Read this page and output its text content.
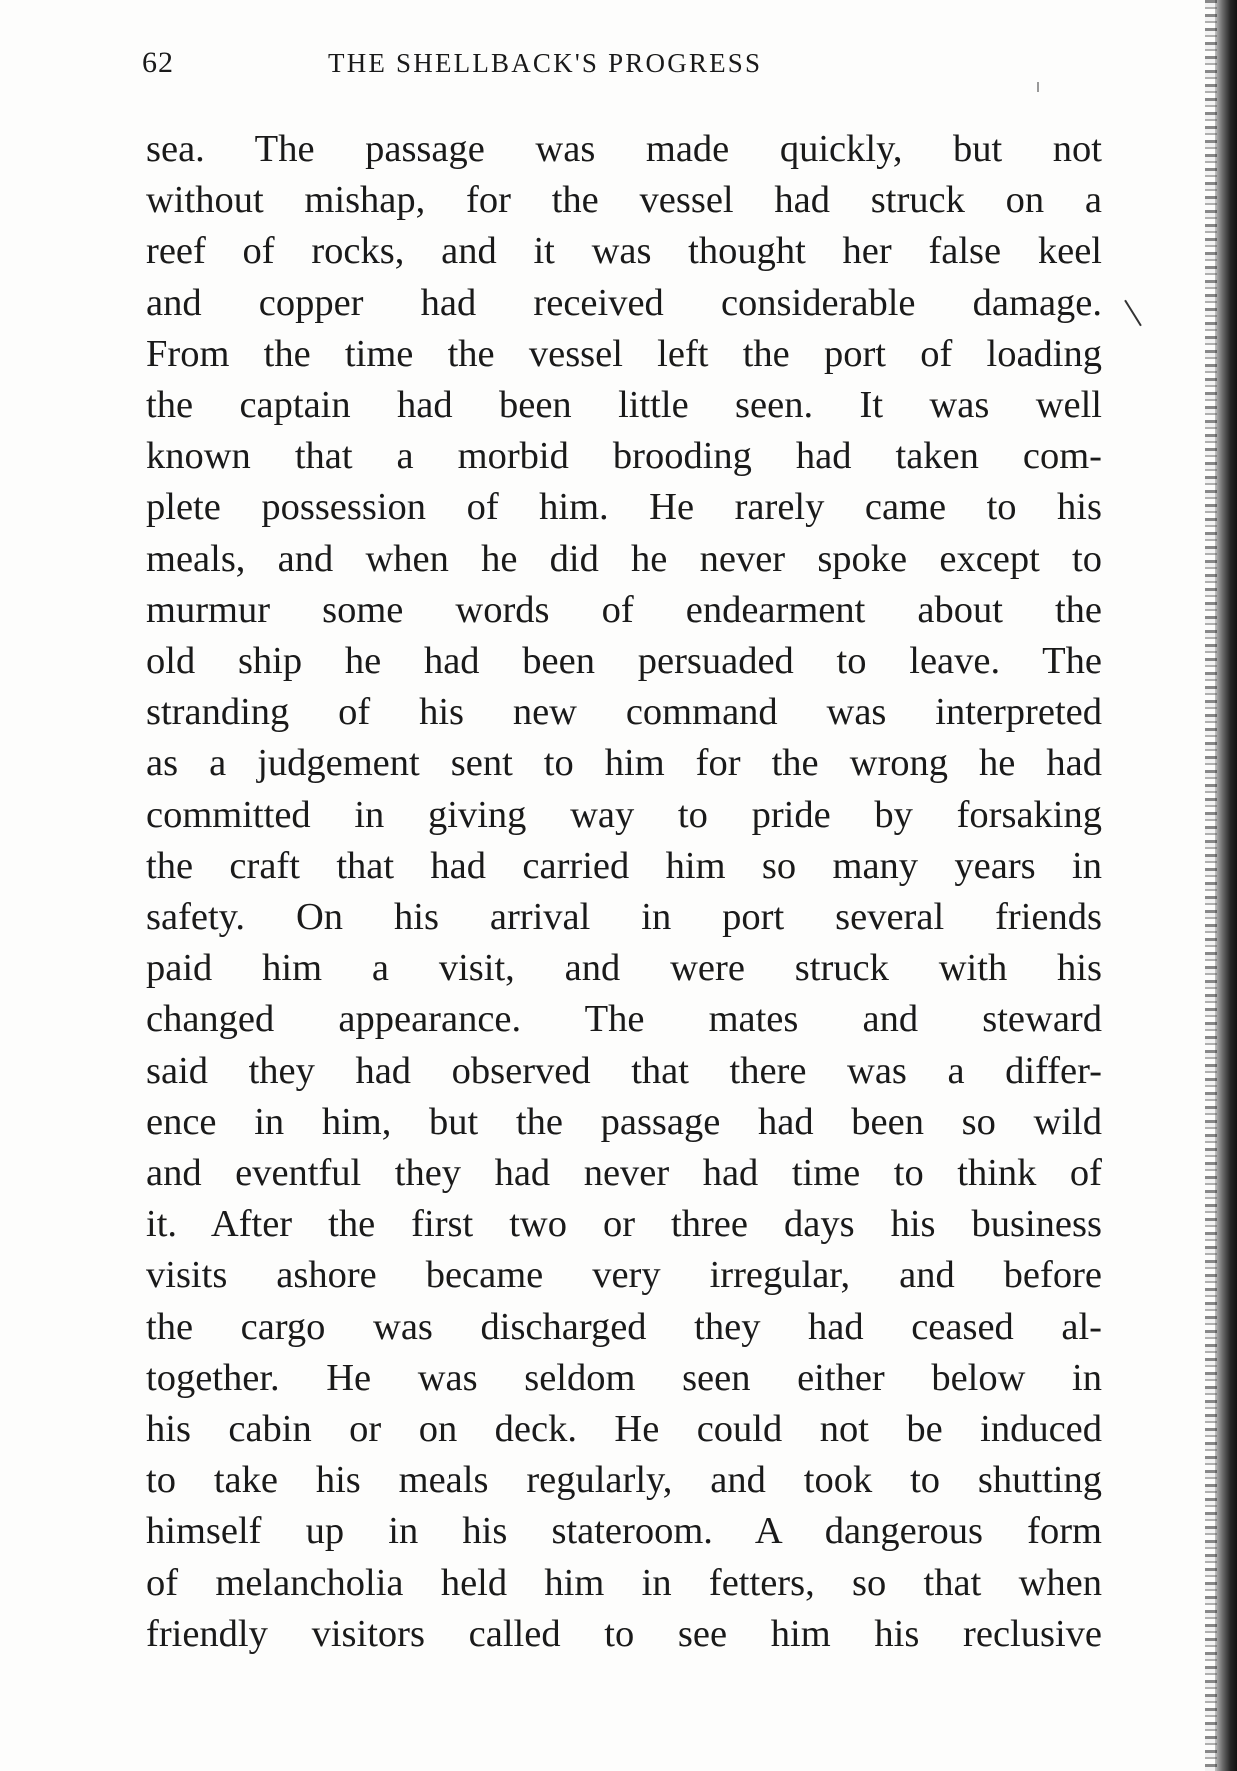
62	THE SHELLBACK'S PROGRESS
sea. The passage was made quickly, but not
without mishap, for the vessel had struck on a
reef of rocks, and it was thought her false keel
and copper had received considerable damage.
From the time the vessel left the port of loading
the captain had been little seen. It was well
known that a morbid brooding had taken com-
plete possession of him. He rarely came to his
meals, and when he did he never spoke except to
murmur some words of endearment about the
old ship he had been persuaded to leave. The
stranding of his new command was interpreted
as a judgement sent to him for the wrong he had
committed in giving way to pride by forsaking
the craft that had carried him so many years in
safety. On his arrival in port several friends
paid him a visit, and were struck with his
changed appearance. The mates and steward
said they had observed that there was a differ-
ence in him, but the passage had been so wild
and eventful they had never had time to think of
it. After the first two or three days his business
visits ashore became very irregular, and before
the cargo was discharged they had ceased al-
together. He was seldom seen either below in
his cabin or on deck. He could not be induced
to take his meals regularly, and took to shutting
himself up in his stateroom. A dangerous form
of melancholia held him in fetters, so that when
friendly visitors called to see him his reclusive
